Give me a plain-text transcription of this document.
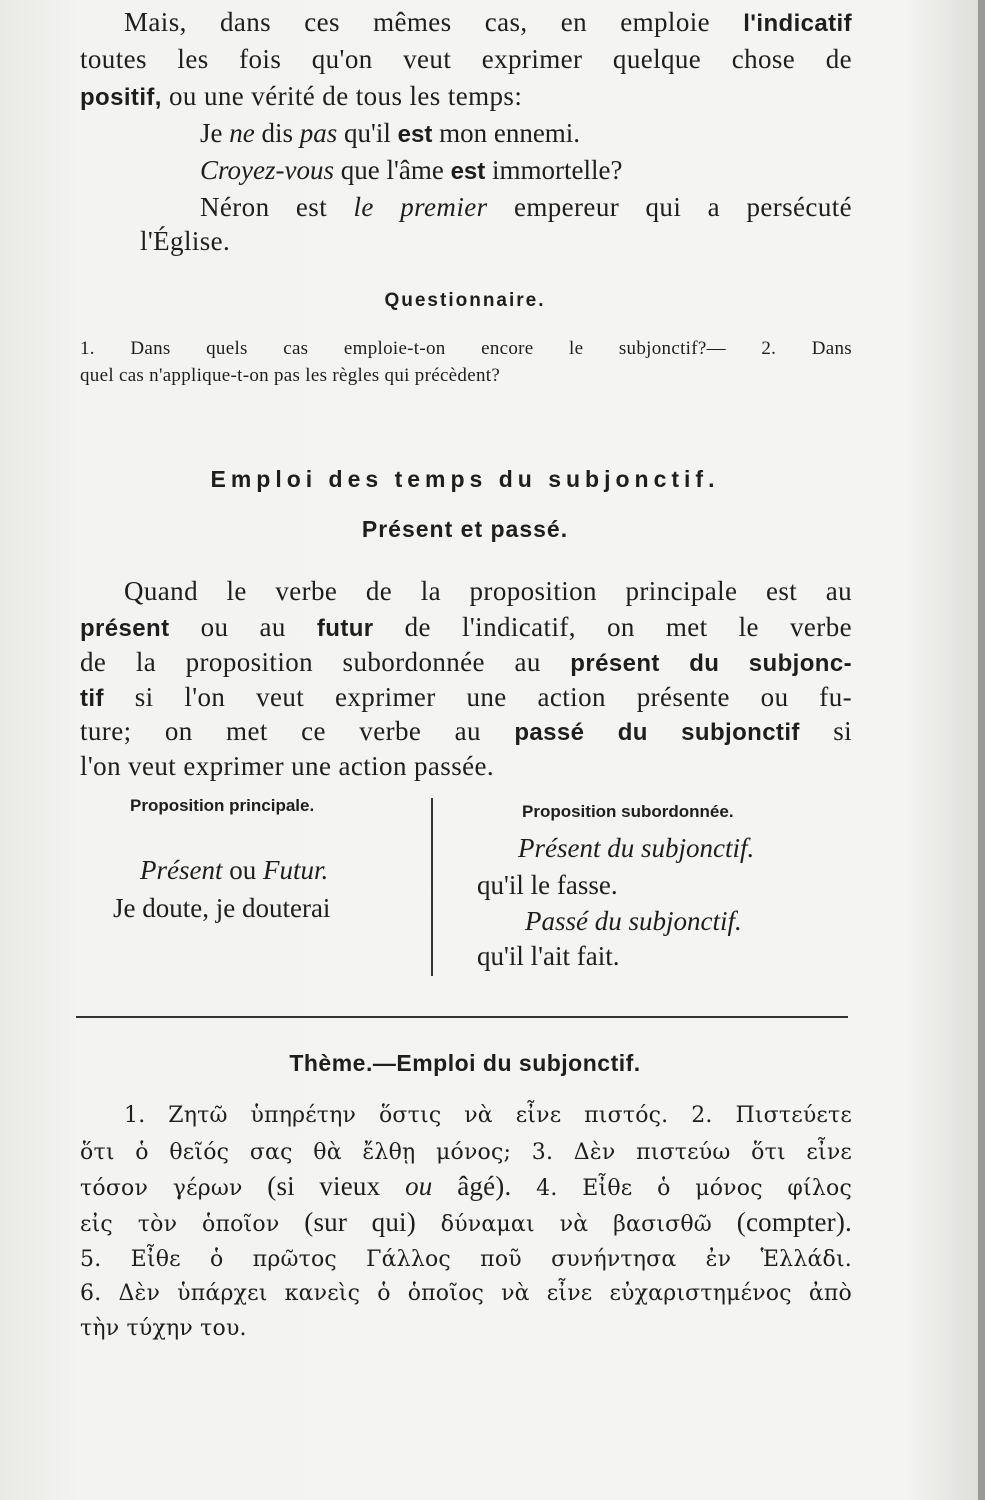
Mais, dans ces mêmes cas, en emploie l'indicatif
toutes les fois qu'on veut exprimer quelque chose de
positif, ou une vérité de tous les temps:
Je ne dis pas qu'il est mon ennemi.
Croyez-vous que l'âme est immortelle?
Néron est le premier empereur qui a persécuté
l'Église.
Questionnaire.
1. Dans quels cas emploie-t-on encore le subjonctif?— 2. Dans
quel cas n'applique-t-on pas les règles qui précèdent?
Emploi des temps du subjonctif.
Présent et passé.
Quand le verbe de la proposition principale est au
présent ou au futur de l'indicatif, on met le verbe
de la proposition subordonnée au présent du subjonc-
tif si l'on veut exprimer une action présente ou fu-
ture; on met ce verbe au passé du subjonctif si
l'on veut exprimer une action passée.
Proposition principale.	Proposition subordonnée.
Présent ou Futur.
Je doute, je douterai
Présent du subjonctif.
qu'il le fasse.
Passé du subjonctif.
qu'il l'ait fait.
Thème.—Emploi du subjonctif.
1. Ζητῶ ὑπηρέτην ὅστις νὰ εἶνε πιστός. 2. Πιστεύετε
ὅτι ὁ θεῖός σας θὰ ἔλθῃ μόνος; 3. Δὲν πιστεύω ὅτι εἶνε
τόσον γέρων (si vieux ou âgé). 4. Εἶθε ὁ μόνος φίλος
εἰς τὸν ὁποῖον (sur qui) δύναμαι νὰ βασισθῶ (compter).
5. Εἶθε ὁ πρῶτος Γάλλος ποῦ συνήντησα ἐν Ἑλλάδι.
6. Δὲν ὑπάρχει κανεὶς ὁ ὁποῖος νὰ εἶνε εὐχαριστημένος ἀπὸ
τὴν τύχην του.
